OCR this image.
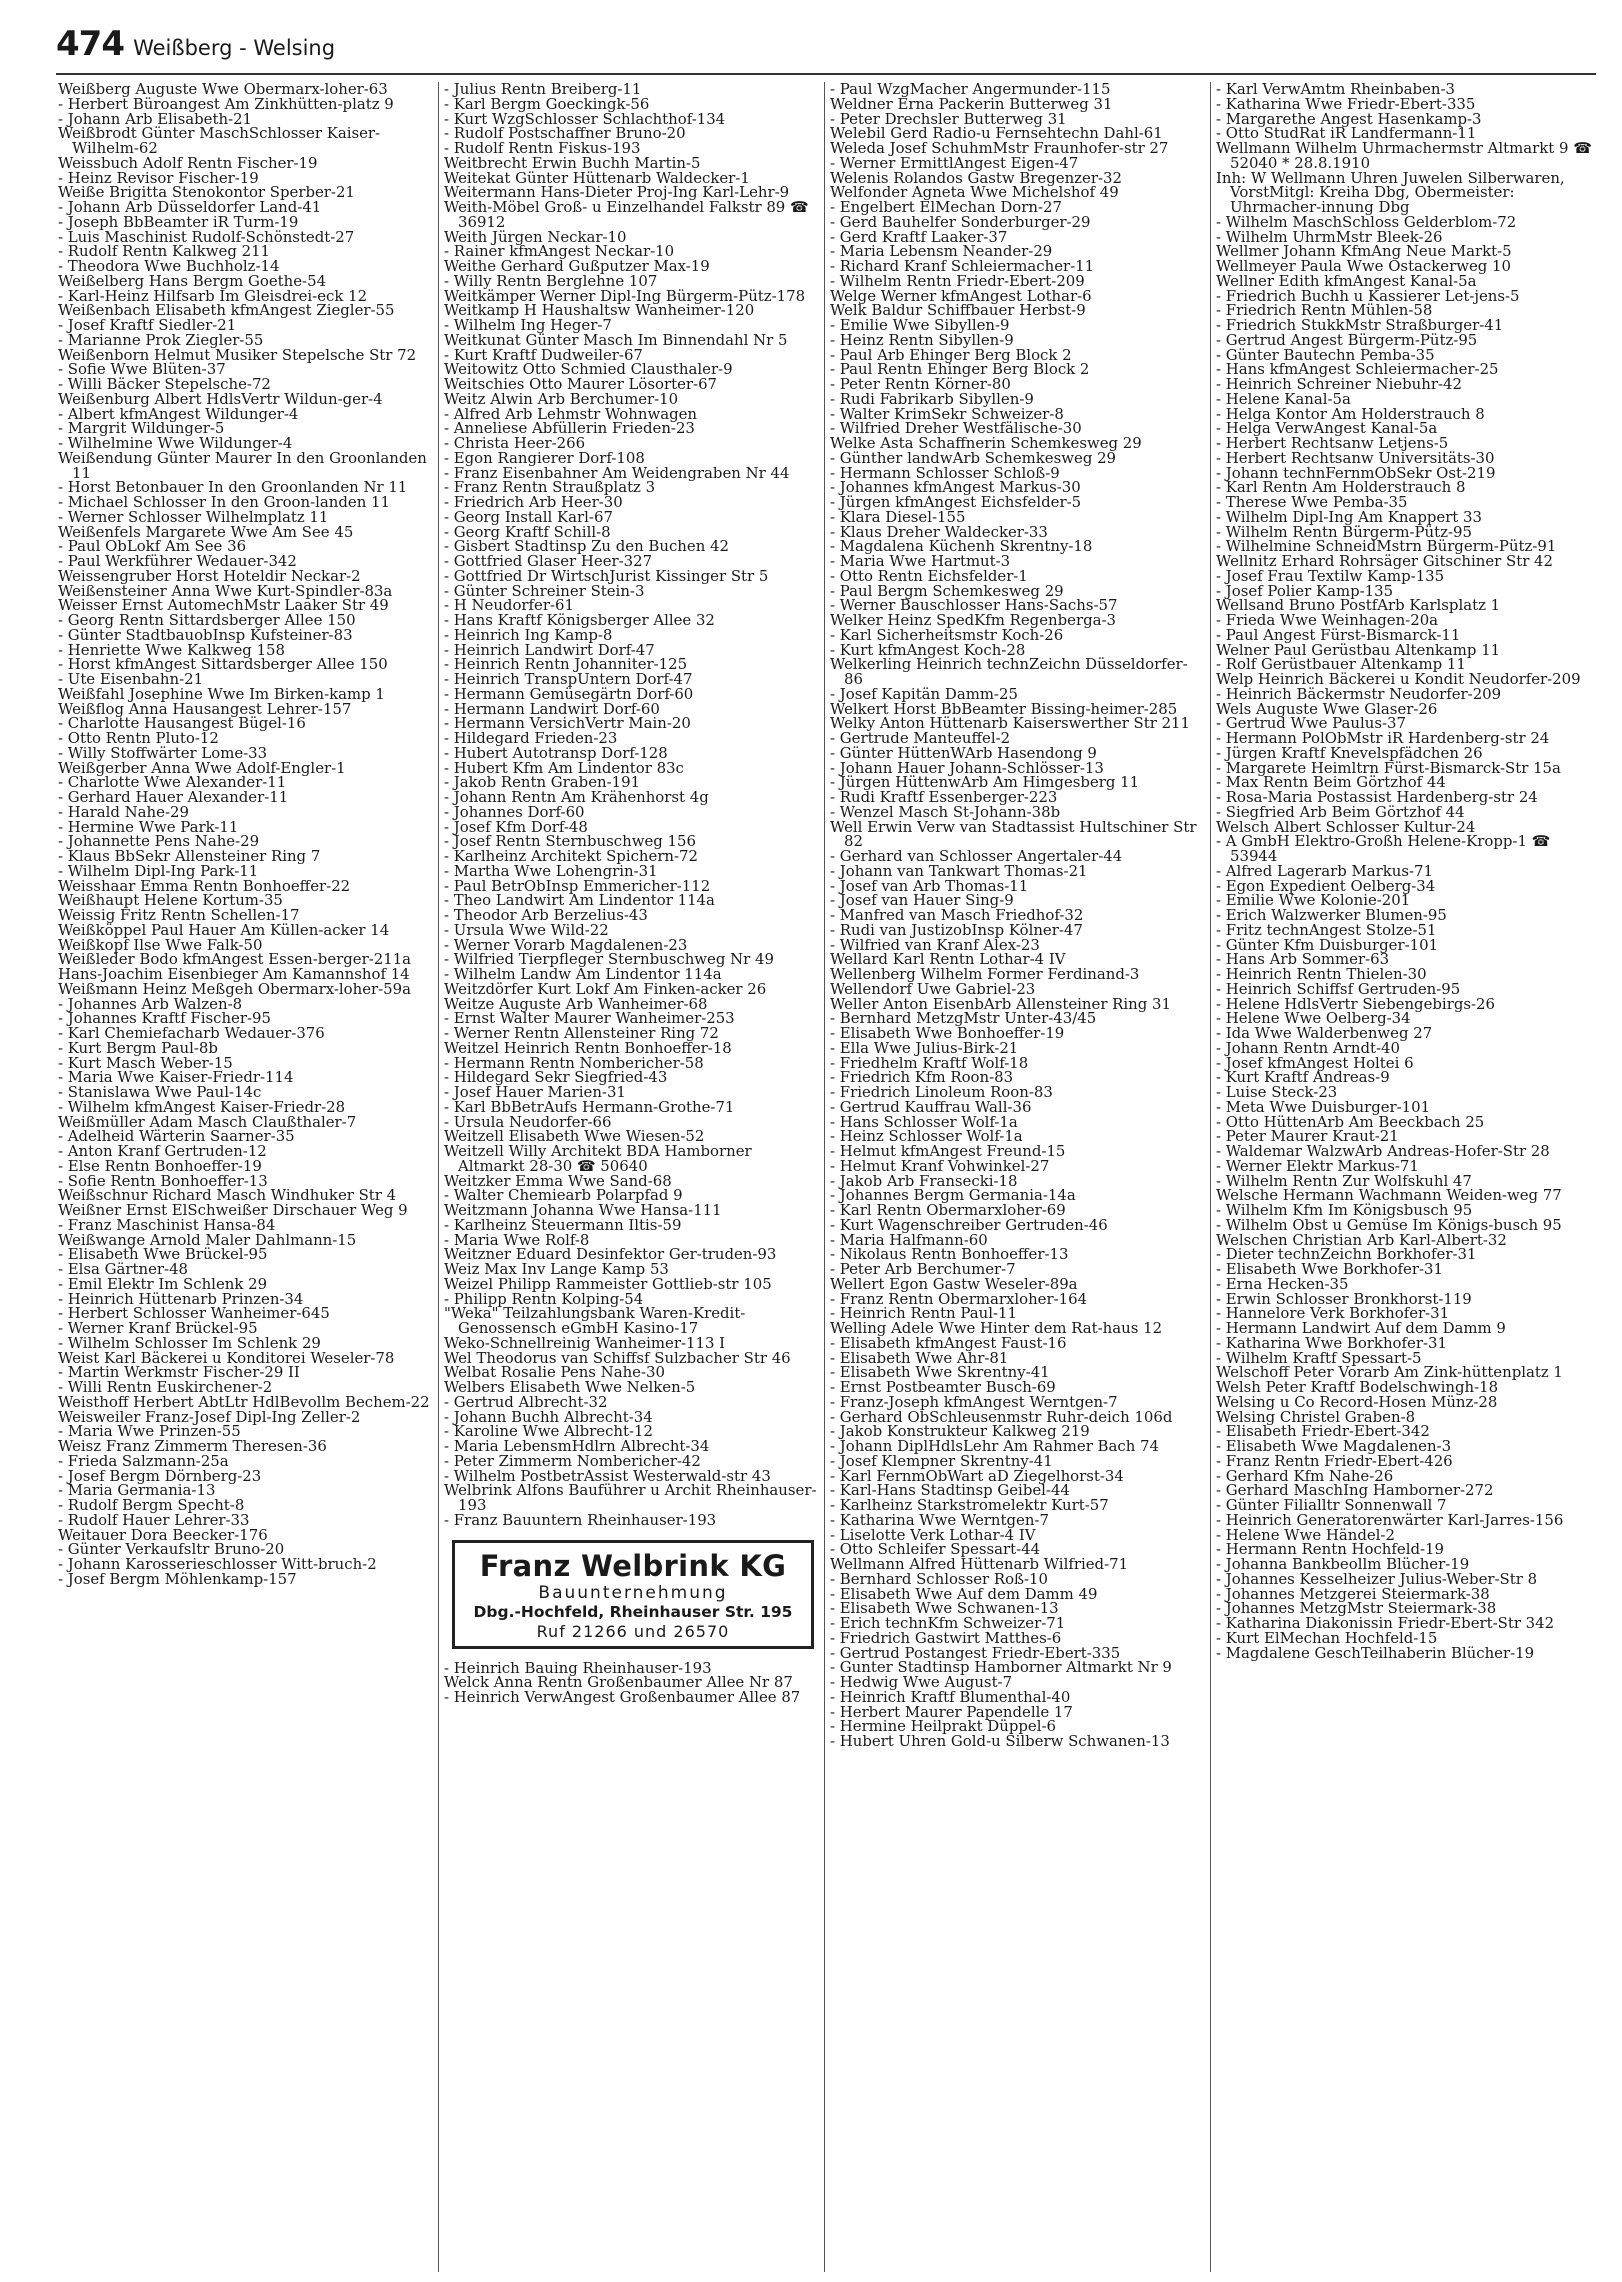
474 Weißberg - Welsing
Weißberg Auguste Wwe Obermarx-loher-63
- Herbert Büroangest Am Zinkhütten-platz 9
- Johann Arb Elisabeth-21
Weißbrodt Günter MaschSchlosser Kaiser-Wilhelm-62
Weissbuch Adolf Rentn Fischer-19
- Heinz Revisor Fischer-19
Weiße Brigitta Stenokontor Sperber-21
- Johann Arb Düsseldorfer Land-41
- Joseph BbBeamter iR Turm-19
- Luis Maschinist Rudolf-Schönstedt-27
- Rudolf Rentn Kalkweg 211
- Theodora Wwe Buchholz-14
Weißelberg Hans Bergm Goethe-54
- Karl-Heinz Hilfsarb Im Gleisdrei-eck 12
Weißenbach Elisabeth kfmAngest Ziegler-55
- Josef Kraftf Siedler-21
- Marianne Prok Ziegler-55
Weißenborn Helmut Musiker Stepelsche Str 72
- Sofie Wwe Blüten-37
- Willi Bäcker Stepelsche-72
Weißenburg Albert HdlsVertr Wildun-ger-4
- Albert kfmAngest Wildunger-4
- Margrit Wildunger-5
- Wilhelmine Wwe Wildunger-4
Weißendung Günter Maurer In den Groonlanden 11
- Horst Betonbauer In den Groonlanden Nr 11
- Michael Schlosser In den Groon-landen 11
- Werner Schlosser Wilhelmplatz 11
Weißenfels Margarete Wwe Am See 45
- Paul ObLokf Am See 36
- Paul Werkführer Wedauer-342
Weissengruber Horst Hoteldir Neckar-2
Weißensteiner Anna Wwe Kurt-Spindler-83a
Weisser Ernst AutomechMstr Laaker Str 49
- Georg Rentn Sittardsberger Allee 150
- Günter StadtbauobInsp Kufsteiner-83
- Henriette Wwe Kalkweg 158
- Horst kfmAngest Sittardsberger Allee 150
- Ute Eisenbahn-21
Weißfahl Josephine Wwe Im Birken-kamp 1
Weißflog Anna Hausangest Lehrer-157
- Charlotte Hausangest Bügel-16
- Otto Rentn Pluto-12
- Willy Stoffwärter Lome-33
Weißgerber Anna Wwe Adolf-Engler-1
- Charlotte Wwe Alexander-11
- Gerhard Hauer Alexander-11
- Harald Nahe-29
- Hermine Wwe Park-11
- Johannette Pens Nahe-29
- Klaus BbSekr Allensteiner Ring 7
- Wilhelm Dipl-Ing Park-11
Weisshaar Emma Rentn Bonhoeffer-22
Weißhaupt Helene Kortum-35
Weissig Fritz Rentn Schellen-17
Weißköppel Paul Hauer Am Küllen-acker 14
Weißkopf Ilse Wwe Falk-50
Weißleder Bodo kfmAngest Essen-berger-211a
Hans-Joachim Eisenbieger Am Kamannshof 14
Weißmann Heinz Meßgeh Obermarx-loher-59a
- Johannes Arb Walzen-8
- Johannes Kraftf Fischer-95
- Karl Chemiefacharb Wedauer-376
- Kurt Bergm Paul-8b
- Kurt Masch Weber-15
- Maria Wwe Kaiser-Friedr-114
- Stanislawa Wwe Paul-14c
- Wilhelm kfmAngest Kaiser-Friedr-28
Weißmüller Adam Masch Claußthaler-7
- Adelheid Wärterin Saarner-35
- Anton Kranf Gertruden-12
- Else Rentn Bonhoeffer-19
- Sofie Rentn Bonhoeffer-13
Weißschnur Richard Masch Windhuker Str 4
Weißner Ernst ElSchweißer Dirschauer Weg 9
- Franz Maschinist Hansa-84
Weißwange Arnold Maler Dahlmann-15
- Elisabeth Wwe Brückel-95
- Elsa Gärtner-48
- Emil Elektr Im Schlenk 29
- Heinrich Hüttenarb Prinzen-34
- Herbert Schlosser Wanheimer-645
- Werner Kranf Brückel-95
- Wilhelm Schlosser Im Schlenk 29
Weist Karl Bäckerei u Konditorei Weseler-78
- Martin Werkmstr Fischer-29 II
- Willi Rentn Euskirchener-2
Weisthoff Herbert AbtLtr HdlBevollm Bechem-22
Weisweiler Franz-Josef Dipl-Ing Zeller-2
- Maria Wwe Prinzen-55
Weisz Franz Zimmerm Theresen-36
- Frieda Salzmann-25a
- Josef Bergm Dörnberg-23
- Maria Germania-13
- Rudolf Bergm Specht-8
- Rudolf Hauer Lehrer-33
Weitauer Dora Beecker-176
- Günter Verkaufsltr Bruno-20
- Johann Karosserieschlosser Witt-bruch-2
- Josef Bergm Möhlenkamp-157
- Julius Rentn Breiberg-11
- Karl Bergm Goeckingk-56
- Kurt WzgSchlosser Schlachthof-134
- Rudolf Postschaffner Bruno-20
- Rudolf Rentn Fiskus-193
Weitbrecht Erwin Buchh Martin-5
Weitekat Günter Hüttenarb Waldecker-1
Weitermann Hans-Dieter Proj-Ing Karl-Lehr-9
Weith-Möbel Groß- u Einzelhandel Falkstr 89 ☎ 36912
Weith Jürgen Neckar-10
- Rainer kfmAngest Neckar-10
Weithe Gerhard Gußputzer Max-19
- Willy Rentn Berglehne 107
Weitkämper Werner Dipl-Ing Bürgerm-Pütz-178
Weitkamp H Haushaltsw Wanheimer-120
- Wilhelm Ing Heger-7
Weitkunat Günter Masch Im Binnendahl Nr 5
- Kurt Kraftf Dudweiler-67
Weitowitz Otto Schmied Clausthaler-9
Weitschies Otto Maurer Lösorter-67
Weitz Alwin Arb Berchumer-10
- Alfred Arb Lehmstr Wohnwagen
- Anneliese Abfüllerin Frieden-23
- Christa Heer-266
- Egon Rangierer Dorf-108
- Franz Eisenbahner Am Weidengraben Nr 44
- Franz Rentn Straußplatz 3
- Friedrich Arb Heer-30
- Georg Install Karl-67
- Georg Kraftf Schill-8
- Gisbert Stadtinsp Zu den Buchen 42
- Gottfried Glaser Heer-327
- Gottfried Dr WirtschJurist Kissinger Str 5
- Günter Schreiner Stein-3
- H Neudorfer-61
- Hans Kraftf Königsberger Allee 32
- Heinrich Ing Kamp-8
- Heinrich Landwirt Dorf-47
- Heinrich Rentn Johanniter-125
- Heinrich TranspUntern Dorf-47
- Hermann Gemüsegärtn Dorf-60
- Hermann Landwirt Dorf-60
- Hermann VersichVertr Main-20
- Hildegard Frieden-23
- Hubert Autotransp Dorf-128
- Hubert Kfm Am Lindentor 83c
- Jakob Rentn Graben-191
- Johann Rentn Am Krähenhorst 4g
- Johannes Dorf-60
- Josef Kfm Dorf-48
- Josef Rentn Sternbuschweg 156
- Karlheinz Architekt Spichern-72
- Martha Wwe Lohengrin-31
- Paul BetrObInsp Emmericher-112
- Theo Landwirt Am Lindentor 114a
- Theodor Arb Berzelius-43
- Ursula Wwe Wild-22
- Werner Vorarb Magdalenen-23
- Wilfried Tierpfleger Sternbuschweg Nr 49
- Wilhelm Landw Am Lindentor 114a
Weitzdörfer Kurt Lokf Am Finken-acker 26
Weitze Auguste Arb Wanheimer-68
- Ernst Walter Maurer Wanheimer-253
- Werner Rentn Allensteiner Ring 72
Weitzel Heinrich Rentn Bonhoeffer-18
- Hermann Rentn Nombericher-58
- Hildegard Sekr Siegfried-43
- Josef Hauer Marien-31
- Karl BbBetrAufs Hermann-Grothe-71
- Ursula Neudorfer-66
Weitzell Elisabeth Wwe Wiesen-52
Weitzell Willy Architekt BDA Hamborner Altmarkt 28-30 ☎ 50640
Weitzker Emma Wwe Sand-68
- Walter Chemiearb Polarpfad 9
Weitzmann Johanna Wwe Hansa-111
- Karlheinz Steuermann Iltis-59
- Maria Wwe Rolf-8
Weitzner Eduard Desinfektor Ger-truden-93
Weiz Max Inv Lange Kamp 53
Weizel Philipp Rammeister Gottlieb-str 105
- Philipp Rentn Kolping-54
"Weka" Teilzahlungsbank Waren-Kredit-Genossensch eGmbH Kasino-17
Weko-Schnellreinig Wanheimer-113 I
Wel Theodorus van Schiffsf Sulzbacher Str 46
Welbat Rosalie Pens Nahe-30
Welbers Elisabeth Wwe Nelken-5
- Gertrud Albrecht-32
- Johann Buchh Albrecht-34
- Karoline Wwe Albrecht-12
- Maria LebensmHdlrn Albrecht-34
- Peter Zimmerm Nombericher-42
- Wilhelm PostbetrAssist Westerwald-str 43
Welbrink Alfons Bauführer u Archit Rheinhauser-193
- Franz Bauuntern Rheinhauser-193
Franz Welbrink KG
Bauunternehmung
Dbg.-Hochfeld, Rheinhauser Str. 195
Ruf 21266 und 26570
- Heinrich Bauing Rheinhauser-193
Welck Anna Rentn Großenbaumer Allee Nr 87
- Heinrich VerwAngest Großenbaumer Allee 87
- Paul WzgMacher Angermunder-115
Weldner Erna Packerin Butterweg 31
- Peter Drechsler Butterweg 31
Welebil Gerd Radio-u Fernsehtechn Dahl-61
Weleda Josef SchuhmMstr Fraunhofer-str 27
- Werner ErmittlAngest Eigen-47
Welenis Rolandos Gastw Bregenzer-32
Welfonder Agneta Wwe Michelshof 49
- Engelbert ElMechan Dorn-27
- Gerd Bauhelfer Sonderburger-29
- Gerd Kraftf Laaker-37
- Maria Lebensm Neander-29
- Richard Kranf Schleiermacher-11
- Wilhelm Rentn Friedr-Ebert-209
Welge Werner kfmAngest Lothar-6
Welk Baldur Schiffbauer Herbst-9
- Emilie Wwe Sibyllen-9
- Heinz Rentn Sibyllen-9
- Paul Arb Ehinger Berg Block 2
- Paul Rentn Ehinger Berg Block 2
- Peter Rentn Körner-80
- Rudi Fabrikarb Sibyllen-9
- Walter KrimSekr Schweizer-8
- Wilfried Dreher Westfälische-30
Welke Asta Schaffnerin Schemkesweg 29
- Günther landwArb Schemkesweg 29
- Hermann Schlosser Schloß-9
- Johannes kfmAngest Markus-30
- Jürgen kfmAngest Eichsfelder-5
- Klara Diesel-155
- Klaus Dreher Waldecker-33
- Magdalena Küchenh Skrentny-18
- Maria Wwe Hartmut-3
- Otto Rentn Eichsfelder-1
- Paul Bergm Schemkesweg 29
- Werner Bauschlosser Hans-Sachs-57
Welker Heinz SpedKfm Regenberga-3
- Karl Sicherheitsmstr Koch-26
- Kurt kfmAngest Koch-28
Welkerling Heinrich technZeichn Düsseldorfer-86
- Josef Kapitän Damm-25
Welkert Horst BbBeamter Bissing-heimer-285
Welky Anton Hüttenarb Kaiserswerther Str 211
- Gertrude Manteuffel-2
- Günter HüttenWArb Hasendong 9
- Johann Hauer Johann-Schlösser-13
- Jürgen HüttenwArb Am Himgesberg 11
- Rudi Kraftf Essenberger-223
- Wenzel Masch St-Johann-38b
Well Erwin Verw van Stadtassist Hultschiner Str 82
- Gerhard van Schlosser Angertaler-44
- Johann van Tankwart Thomas-21
- Josef van Arb Thomas-11
- Josef van Hauer Sing-9
- Manfred van Masch Friedhof-32
- Rudi van JustizobInsp Kölner-47
- Wilfried van Kranf Alex-23
Wellard Karl Rentn Lothar-4 IV
Wellenberg Wilhelm Former Ferdinand-3
Wellendorf Uwe Gabriel-23
Weller Anton EisenbArb Allensteiner Ring 31
- Bernhard MetzgMstr Unter-43/45
- Elisabeth Wwe Bonhoeffer-19
- Ella Wwe Julius-Birk-21
- Friedhelm Kraftf Wolf-18
- Friedrich Kfm Roon-83
- Friedrich Linoleum Roon-83
- Gertrud Kauffrau Wall-36
- Hans Schlosser Wolf-1a
- Heinz Schlosser Wolf-1a
- Helmut kfmAngest Freund-15
- Helmut Kranf Vohwinkel-27
- Jakob Arb Fransecki-18
- Johannes Bergm Germania-14a
- Karl Rentn Obermarxloher-69
- Kurt Wagenschreiber Gertruden-46
- Maria Halfmann-60
- Nikolaus Rentn Bonhoeffer-13
- Peter Arb Berchumer-7
Wellert Egon Gastw Weseler-89a
- Franz Rentn Obermarxloher-164
- Heinrich Rentn Paul-11
Welling Adele Wwe Hinter dem Rat-haus 12
- Elisabeth kfmAngest Faust-16
- Elisabeth Wwe Ahr-81
- Elisabeth Wwe Skrentny-41
- Ernst Postbeamter Busch-69
- Franz-Joseph kfmAngest Werntgen-7
- Gerhard ObSchleusenmstr Ruhr-deich 106d
- Jakob Konstrukteur Kalkweg 219
- Johann DiplHdlsLehr Am Rahmer Bach 74
- Josef Klempner Skrentny-41
- Karl FernmObWart aD Ziegelhorst-34
- Karl-Hans Stadtinsp Geibel-44
- Karlheinz Starkstromelektr Kurt-57
- Katharina Wwe Werntgen-7
- Liselotte Verk Lothar-4 IV
- Otto Schleifer Spessart-44
Wellmann Alfred Hüttenarb Wilfried-71
- Bernhard Schlosser Roß-10
- Elisabeth Wwe Auf dem Damm 49
- Elisabeth Wwe Schwanen-13
- Erich technKfm Schweizer-71
- Friedrich Gastwirt Matthes-6
- Gertrud Postangest Friedr-Ebert-335
- Gunter Stadtinsp Hamborner Altmarkt Nr 9
- Hedwig Wwe August-7
- Heinrich Kraftf Blumenthal-40
- Herbert Maurer Papendelle 17
- Hermine Heilprakt Düppel-6
- Hubert Uhren Gold-u Silberw Schwanen-13
- Karl VerwAmtm Rheinbaben-3
- Katharina Wwe Friedr-Ebert-335
- Margarethe Angest Hasenkamp-3
- Otto StudRat iR Landfermann-11
Wellmann Wilhelm Uhrmachermstr Altmarkt 9 ☎ 52040 * 28.8.1910
Inh: W Wellmann Uhren Juwelen Silberwaren, VorstMitgl: Kreiha Dbg, Obermeister: Uhrmacher-innung Dbg
- Wilhelm MaschSchloss Gelderblom-72
- Wilhelm UhrmMstr Bleek-26
Wellmer Johann KfmAng Neue Markt-5
Wellmeyer Paula Wwe Ostackerweg 10
Wellner Edith kfmAngest Kanal-5a
- Friedrich Buchh u Kassierer Let-jens-5
- Friedrich Rentn Mühlen-58
- Friedrich StukkMstr Straßburger-41
- Gertrud Angest Bürgerm-Pütz-95
- Günter Bautechn Pemba-35
- Hans kfmAngest Schleiermacher-25
- Heinrich Schreiner Niebuhr-42
- Helene Kanal-5a
- Helga Kontor Am Holderstrauch 8
- Helga VerwAngest Kanal-5a
- Herbert Rechtsanw Letjens-5
- Herbert Rechtsanw Universitäts-30
- Johann technFernmObSekr Ost-219
- Karl Rentn Am Holderstrauch 8
- Therese Wwe Pemba-35
- Wilhelm Dipl-Ing Am Knappert 33
- Wilhelm Rentn Bürgerm-Pütz-95
- Wilhelmine SchneidMstrn Bürgerm-Pütz-91
Wellnitz Erhard Rohrsäger Gitschiner Str 42
- Josef Frau Textilw Kamp-135
- Josef Polier Kamp-135
Wellsand Bruno PostfArb Karlsplatz 1
- Frieda Wwe Weinhagen-20a
- Paul Angest Fürst-Bismarck-11
Welner Paul Gerüstbau Altenkamp 11
- Rolf Gerüstbauer Altenkamp 11
Welp Heinrich Bäckerei u Kondit Neudorfer-209
- Heinrich Bäckermstr Neudorfer-209
Wels Auguste Wwe Glaser-26
- Gertrud Wwe Paulus-37
- Hermann PolObMstr iR Hardenberg-str 24
- Jürgen Kraftf Knevelspfädchen 26
- Margarete Heimltrn Fürst-Bismarck-Str 15a
- Max Rentn Beim Görtzhof 44
- Rosa-Maria Postassist Hardenberg-str 24
- Siegfried Arb Beim Görtzhof 44
Welsch Albert Schlosser Kultur-24
- A GmbH Elektro-Großh Helene-Kropp-1 ☎ 53944
- Alfred Lagerarb Markus-71
- Egon Expedient Oelberg-34
- Emilie Wwe Kolonie-201
- Erich Walzwerker Blumen-95
- Fritz technAngest Stolze-51
- Günter Kfm Duisburger-101
- Hans Arb Sommer-63
- Heinrich Rentn Thielen-30
- Heinrich Schiffsf Gertruden-95
- Helene HdlsVertr Siebengebirgs-26
- Helene Wwe Oelberg-34
- Ida Wwe Walderbenweg 27
- Johann Rentn Arndt-40
- Josef kfmAngest Holtei 6
- Kurt Kraftf Andreas-9
- Luise Steck-23
- Meta Wwe Duisburger-101
- Otto HüttenArb Am Beeckbach 25
- Peter Maurer Kraut-21
- Waldemar WalzwArb Andreas-Hofer-Str 28
- Werner Elektr Markus-71
- Wilhelm Rentn Zur Wolfskuhl 47
Welsche Hermann Wachmann Weiden-weg 77
- Wilhelm Kfm Im Königsbusch 95
- Wilhelm Obst u Gemüse Im Königs-busch 95
Welschen Christian Arb Karl-Albert-32
- Dieter technZeichn Borkhofer-31
- Elisabeth Wwe Borkhofer-31
- Erna Hecken-35
- Erwin Schlosser Bronkhorst-119
- Hannelore Verk Borkhofer-31
- Hermann Landwirt Auf dem Damm 9
- Katharina Wwe Borkhofer-31
- Wilhelm Kraftf Spessart-5
Welschoff Peter Vorarb Am Zink-hüttenplatz 1
Welsh Peter Kraftf Bodelschwingh-18
Welsing u Co Record-Hosen Münz-28
Welsing Christel Graben-8
- Elisabeth Friedr-Ebert-342
- Elisabeth Wwe Magdalenen-3
- Franz Rentn Friedr-Ebert-426
- Gerhard Kfm Nahe-26
- Gerhard MaschIng Hamborner-272
- Günter Filialltr Sonnenwall 7
- Heinrich Generatorenwärter Karl-Jarres-156
- Helene Wwe Händel-2
- Hermann Rentn Hochfeld-19
- Johanna Bankbeollm Blücher-19
- Johannes Kesselheizer Julius-Weber-Str 8
- Johannes Metzgerei Steiermark-38
- Johannes MetzgMstr Steiermark-38
- Katharina Diakonissin Friedr-Ebert-Str 342
- Kurt ElMechan Hochfeld-15
- Magdalene GeschTeilhaberin Blücher-19
